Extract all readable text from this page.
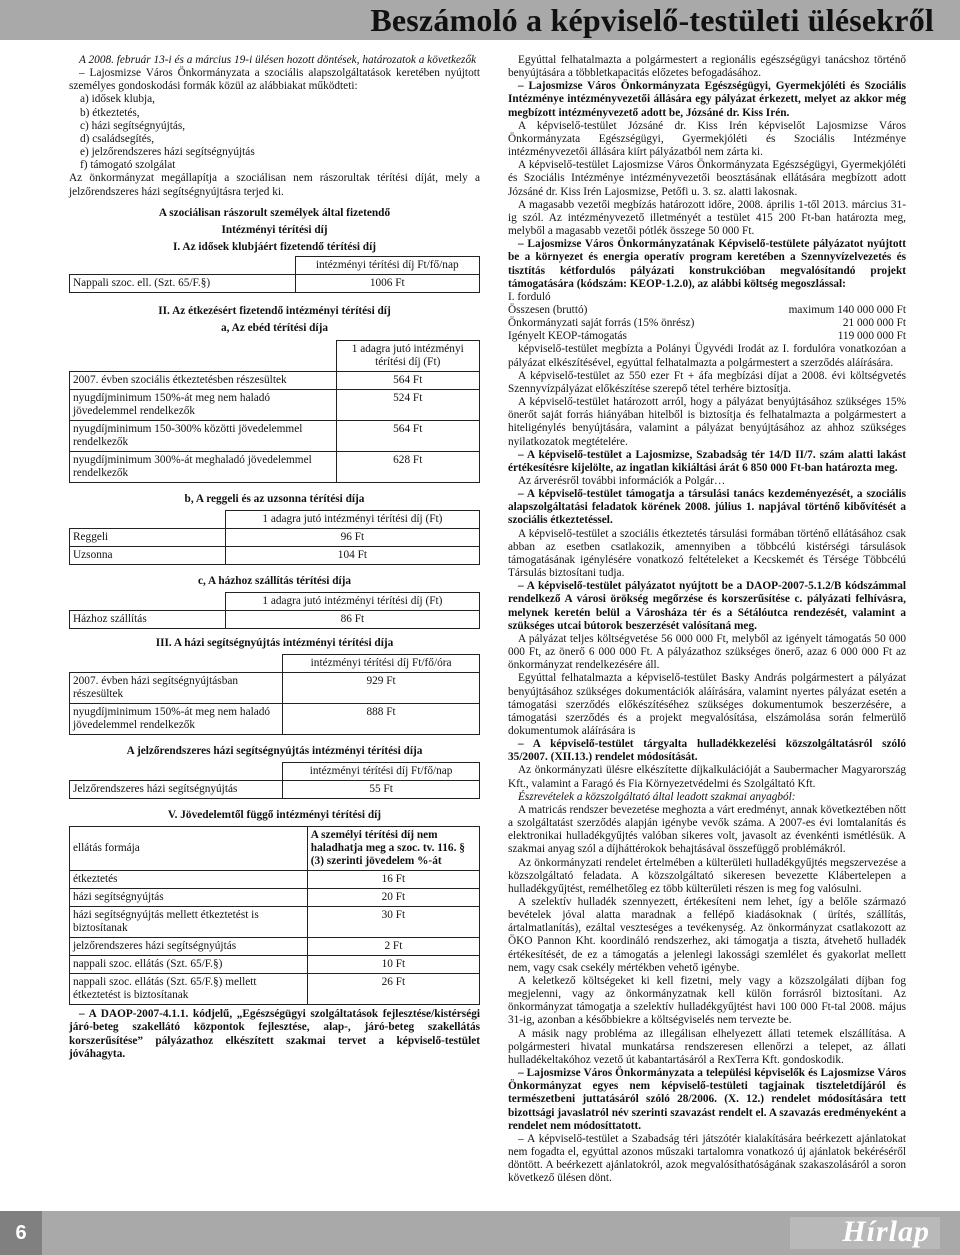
Beszámoló a képviselő-testületi ülésekről

A 2008. február 13-i és a március 19-i ülésen hozott döntések, határozatok a következők

– Lajosmizse Város Önkormányzata a szociális alapszolgáltatások keretében nyújtott személyes gondoskodási formák közül az alábbiakat működteti:

a) idősek klubja,

b) étkeztetés,

c) házi segítségnyújtás,

d) családsegítés,

e) jelzőrendszeres házi segítségnyújtás

f) támogató szolgálat

Az önkormányzat megállapítja a szociálisan nem rászorultak térítési díját, mely a jelzőrendszeres házi segítségnyújtásra terjed ki.

A szociálisan rászorult személyek által fizetendő

Intézményi térítési díj

I. Az idősek klubjáért fizetendő térítési díj

	intézményi térítési díj Ft/fő/nap
Nappali szoc. ell. (Szt. 65/F.§)	1006 Ft

II. Az étkezésért fizetendő intézményi térítési díj

a, Az ebéd térítési díja

	1 adagra jutó intézményi térítési díj (Ft)
2007. évben szociális étkeztetésben részesültek	564 Ft
nyugdíjminimum 150%-át meg nem haladó jövedelemmel rendelkezők	524 Ft
nyugdíjminimum 150-300% közötti jövedelemmel rendelkezők	564 Ft
nyugdíjminimum 300%-át meghaladó jövedelemmel rendelkezők	628 Ft

b, A reggeli és az uzsonna térítési díja

	1 adagra jutó intézményi térítési díj (Ft)
Reggeli	96 Ft
Uzsonna	104 Ft

c, A házhoz szállítás térítési díja

	1 adagra jutó intézményi térítési díj (Ft)
Házhoz szállítás	86 Ft

III. A házi segítségnyújtás intézményi térítési díja

	intézményi térítési díj Ft/fő/óra
2007. évben házi segítségnyújtásban részesültek	929 Ft
nyugdíjminimum 150%-át meg nem haladó jövedelemmel rendelkezők	888 Ft

A jelzőrendszeres házi segítségnyújtás intézményi térítési díja

	intézményi térítési díj Ft/fő/nap
Jelzőrendszeres házi segítségnyújtás	55 Ft

V. Jövedelemtől függő intézményi térítési díj

ellátás formája	A személyi térítési díj nem haladhatja meg a szoc. tv. 116. § (3) szerinti jövedelem %-át
étkeztetés	16 Ft
házi segítségnyújtás	20 Ft
házi segítségnyújtás mellett étkeztetést is biztosítanak	30 Ft
jelzőrendszeres házi segítségnyújtás	2 Ft
nappali szoc. ellátás (Szt. 65/F.§)	10 Ft
nappali szoc. ellátás (Szt. 65/F.§) mellett étkeztetést is biztosítanak	26 Ft

– A DAOP-2007-4.1.1. kódjelű, „Egészségügyi szolgáltatások fejlesztése/kistérségi járó-beteg szakellátó központok fejlesztése, alap-, járó-beteg szakellátás korszerűsítése” pályázathoz elkészített szakmai tervet a képviselő-testület jóváhagyta.

Egyúttal felhatalmazta a polgármestert a regionális egészségügyi tanácshoz történő benyújtására a többletkapacitás előzetes befogadásához.

– Lajosmizse Város Önkormányzata Egészségügyi, Gyermekjóléti és Szociális Intézménye intézményvezetői állására egy pályázat érkezett, melyet az akkor még megbízott intézményvezető adott be, Józsáné dr. Kiss Irén.

A képviselő-testület Józsáné dr. Kiss Irén képviselőt Lajosmizse Város Önkormányzata Egészségügyi, Gyermekjóléti és Szociális Intézménye intézményvezetői állására kiírt pályázatból nem zárta ki.

A képviselő-testület Lajosmizse Város Önkormányzata Egészségügyi, Gyermekjóléti és Szociális Intézménye intézményvezetői beosztásának ellátására megbízott adott Józsáné dr. Kiss Irén Lajosmizse, Petőfi u. 3. sz. alatti lakosnak.

A magasabb vezetői megbízás határozott időre, 2008. április 1-től 2013. március 31-ig szól. Az intézményvezető illetményét a testület 415 200 Ft-ban határozta meg, melyből a magasabb vezetői pótlék összege 50 000 Ft.

– Lajosmizse Város Önkormányzatának Képviselő-testülete pályázatot nyújtott be a környezet és energia operatív program keretében a Szennyvízelvezetés és tisztítás kétfordulós pályázati konstrukcióban megvalósítandó projekt támogatására (kódszám: KEOP-1.2.0), az alábbi költség megoszlással:

I. forduló

Összesen (bruttó)	maximum 140 000 000 Ft
Önkormányzati saját forrás (15% önrész)	21 000 000 Ft
Igényelt KEOP-támogatás	119 000 000 Ft

képviselő-testület megbízta a Polányi Ügyvédi Irodát az I. fordulóra vonatkozóan a pályázat elkészítésével, egyúttal felhatalmazta a polgármestert a szerződés aláírására.

A képviselő-testület az 550 ezer Ft + áfa megbízási díjat a 2008. évi költségvetés Szennyvízpályázat előkészítése szerepő tétel terhére biztosítja.

A képviselő-testület határozott arról, hogy a pályázat benyújtásához szükséges 15% önerőt saját forrás hiányában hitelből is biztosítja és felhatalmazta a polgármestert a hiteligénylés benyújtására, valamint a pályázat benyújtásához az ahhoz szükséges nyilatkozatok megtételére.

– A képviselő-testület a Lajosmizse, Szabadság tér 14/D II/7. szám alatti lakást értékesítésre kijelölte, az ingatlan kikiáltási árát 6 850 000 Ft-ban határozta meg.

Az árverésről további információk a Polgár…

– A képviselő-testület támogatja a társulási tanács kezdeményezését, a szociális alapszolgáltatási feladatok körének 2008. július 1. napjával történő kibővítését a szociális étkeztetéssel.

A képviselő-testület a szociális étkeztetés társulási formában történő ellátásához csak abban az esetben csatlakozik, amennyiben a többcélú kistérségi társulások támogatásának igénylésére vonatkozó feltételeket a Kecskemét és Térsége Többcélú Társulás biztosítani tudja.

– A képviselő-testület pályázatot nyújtott be a DAOP-2007-5.1.2/B kódszámmal rendelkező A városi örökség megőrzése és korszerűsítése c. pályázati felhívásra, melynek keretén belül a Városháza tér és a Sétálóutca rendezését, valamint a szükséges utcai bútorok beszerzését valósítaná meg.

A pályázat teljes költségvetése 56 000 000 Ft, melyből az igényelt támogatás 50 000 000 Ft, az önerő 6 000 000 Ft. A pályázathoz szükséges önerő, azaz 6 000 000 Ft az önkormányzat rendelkezésére áll.

Egyúttal felhatalmazta a képviselő-testület Basky András polgármestert a pályázat benyújtásához szükséges dokumentációk aláírására, valamint nyertes pályázat esetén a támogatási szerződés előkészítéséhez szükséges dokumentumok beszerzésére, a támogatási szerződés és a projekt megvalósítása, elszámolása során felmerülő dokumentumok aláírására is

– A képviselő-testület tárgyalta hulladékkezelési közszolgáltatásról szóló 35/2007. (XII.13.) rendelet módosítását.

Az önkormányzati ülésre elkészítette díjkalkulációját a Saubermacher Magyarország Kft., valamint a Faragó és Fia Környezetvédelmi és Szolgáltató Kft.

Észrevételek a közszolgáltató által leadott szakmai anyagból:

A matricás rendszer bevezetése meghozta a várt eredményt, annak következtében nőtt a szolgáltatást szerződés alapján igénybe vevők száma. A 2007-es évi lomtalanítás és elektronikai hulladékgyűjtés valóban sikeres volt, javasolt az évenkénti ismétlésük. A szakmai anyag szól a díjháttérokok behajtásával összefüggő problémákról.

Az önkormányzati rendelet értelmében a külterületi hulladékgyűjtés megszervezése a közszolgáltató feladata. A közszolgáltató sikeresen bevezette Klábertelepen a hulladékgyűjtést, remélhetőleg ez több külterületi részen is meg fog valósulni.

A szelektív hulladék szennyezett, értékesíteni nem lehet, így a belőle származó bevételek jóval alatta maradnak a fellépő kiadásoknak ( ürítés, szállítás, ártalmatlanítás), ezáltal veszteséges a tevékenység. Az önkormányzat csatlakozott az ÖKO Pannon Kht. koordináló rendszerhez, aki támogatja a tiszta, átvehető hulladék értékesítését, de ez a támogatás a jelenlegi lakossági szemlélet és gyakorlat mellett nem, vagy csak csekély mértékben vehető igénybe.

A keletkező költségeket ki kell fizetni, mely vagy a közszolgálati díjban fog megjelenni, vagy az önkormányzatnak kell külön forrásról biztosítani. Az önkormányzat támogatja a szelektív hulladékgyűjtést havi 100 000 Ft-tal 2008. május 31-ig, azonban a későbbiekre a költségviselés nem tervezte be.

A másik nagy probléma az illegálisan elhelyezett állati tetemek elszállítása. A polgármesteri hivatal munkatársa rendszeresen ellenőrzi a telepet, az állati hulladékeltakóhoz vezető út kabantartásáról a RexTerra Kft. gondoskodik.

– Lajosmizse Város Önkormányzata a települési képviselők és Lajosmizse Város Önkormányzat egyes nem képviselő-testületi tagjainak tiszteletdíjáról és természetbeni juttatásáról szóló 28/2006. (X. 12.) rendelet módosítására tett bizottsági javaslatról név szerinti szavazást rendelt el. A szavazás eredményeként a rendelet nem módosíttatott.

– A képviselő-testület a Szabadság téri játszótér kialakítására beérkezett ajánlatokat nem fogadta el, egyúttal azonos műszaki tartalomra vonatkozó új ajánlatok bekéréséről döntött. A beérkezett ajánlatokról, azok megvalósíthatóságának szakaszolásáról a soron következő ülésen dönt.

6	Hírlap
